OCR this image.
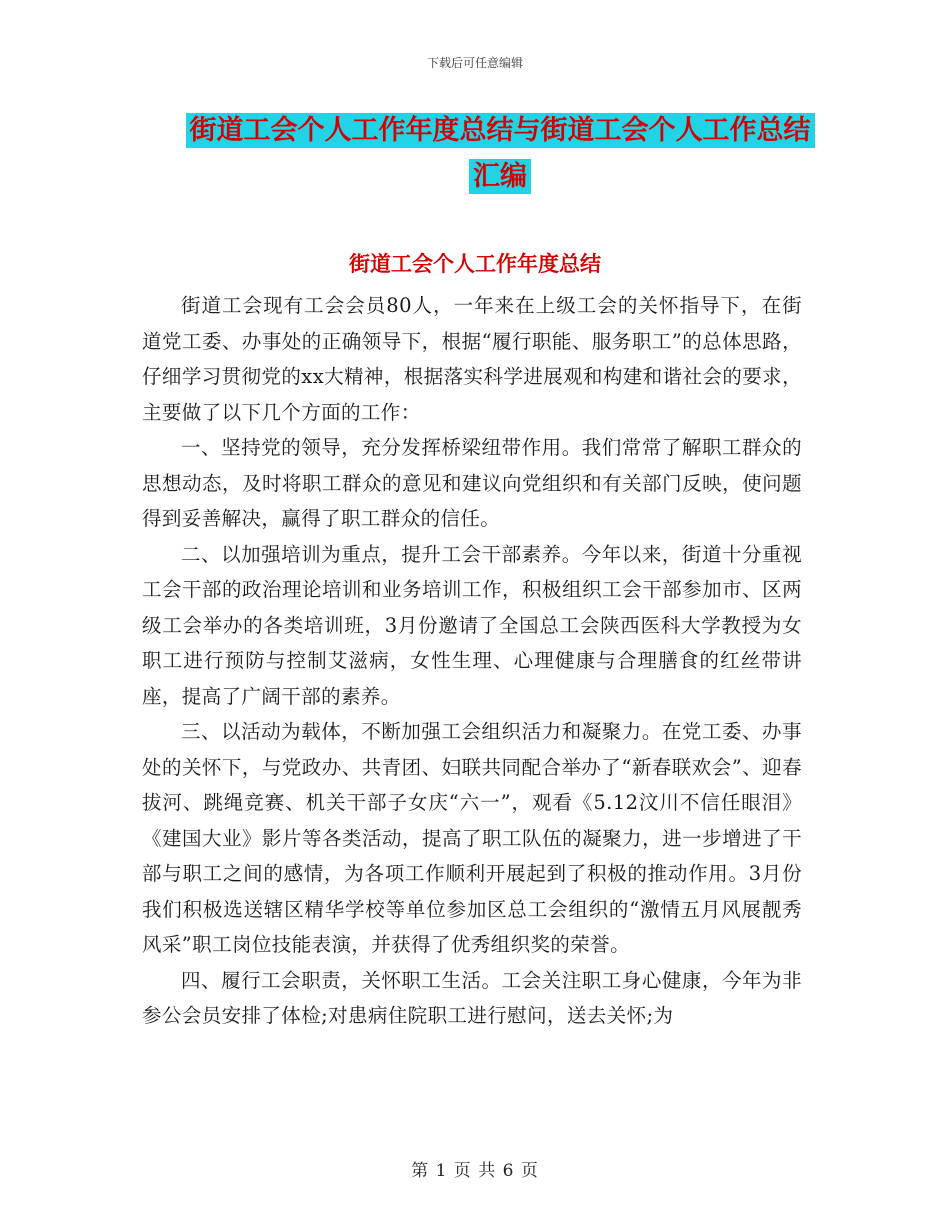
下载后可任意编辑
街道工会个人工作年度总结与街道工会个人工作总结
汇编
街道工会个人工作年度总结

街道工会现有工会会员80人，一年来在上级工会的关怀指导下，在街道党工委、办事处的正确领导下，根据“履行职能、服务职工”的总体思路，仔细学习贯彻党的xx大精神，根据落实科学进展观和构建和谐社会的要求，主要做了以下几个方面的工作：

一、坚持党的领导，充分发挥桥梁纽带作用。我们常常了解职工群众的思想动态，及时将职工群众的意见和建议向党组织和有关部门反映，使问题得到妥善解决，赢得了职工群众的信任。

二、以加强培训为重点，提升工会干部素养。今年以来，街道十分重视工会干部的政治理论培训和业务培训工作，积极组织工会干部参加市、区两级工会举办的各类培训班，3月份邀请了全国总工会陕西医科大学教授为女职工进行预防与控制艾滋病，女性生理、心理健康与合理膳食的红丝带讲座，提高了广阔干部的素养。

三、以活动为载体，不断加强工会组织活力和凝聚力。在党工委、办事处的关怀下，与党政办、共青团、妇联共同配合举办了“新春联欢会”、迎春拔河、跳绳竞赛、机关干部子女庆“六一”，观看《5.12汶川不信任眼泪》《建国大业》影片等各类活动，提高了职工队伍的凝聚力，进一步增进了干部与职工之间的感情，为各项工作顺利开展起到了积极的推动作用。3月份我们积极选送辖区精华学校等单位参加区总工会组织的“激情五月风展靓秀风采”职工岗位技能表演，并获得了优秀组织奖的荣誉。

四、履行工会职责，关怀职工生活。工会关注职工身心健康，今年为非参公会员安排了体检;对患病住院职工进行慰问，送去关怀;为

第 1 页 共 6 页
